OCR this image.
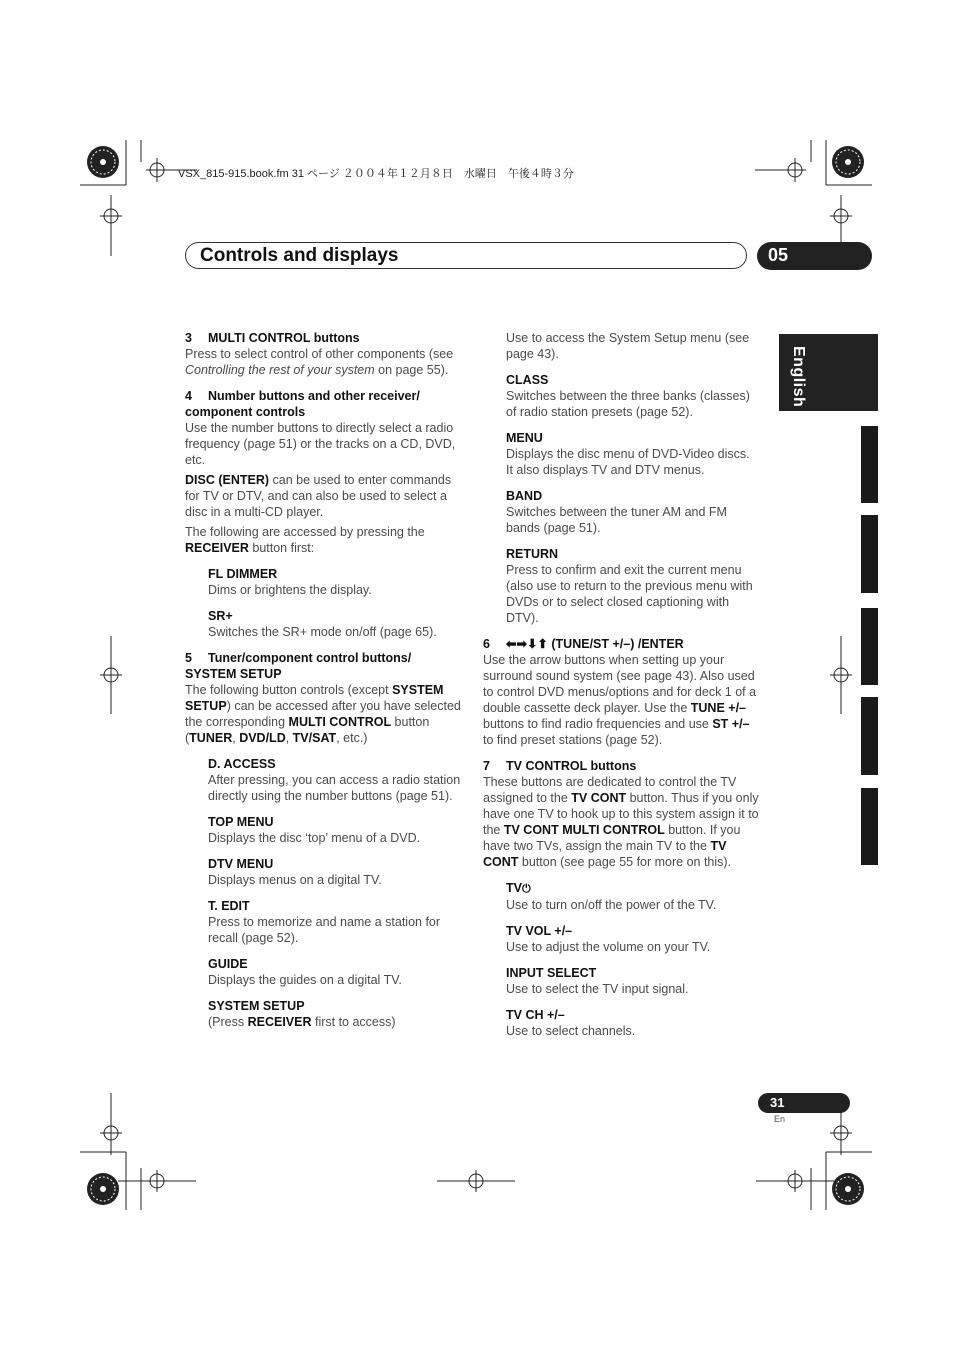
VSX_815-915.book.fm 31 ページ ２００４年１２月８日　水曜日　午後４時３分
Controls and displays	05
English
3 MULTI CONTROL buttons

Press to select control of other components (see Controlling the rest of your system on page 55).

4 Number buttons and other receiver/ component controls

Use the number buttons to directly select a radio frequency (page 51) or the tracks on a CD, DVD, etc.

DISC (ENTER) can be used to enter commands for TV or DTV, and can also be used to select a disc in a multi-CD player.

The following are accessed by pressing the RECEIVER button first:

FL DIMMER

Dims or brightens the display.

SR+

Switches the SR+ mode on/off (page 65).

5 Tuner/component control buttons/ SYSTEM SETUP

The following button controls (except SYSTEM SETUP) can be accessed after you have selected the corresponding MULTI CONTROL button (TUNER, DVD/LD, TV/SAT, etc.)

D. ACCESS

After pressing, you can access a radio station directly using the number buttons (page 51).

TOP MENU

Displays the disc ‘top’ menu of a DVD.

DTV MENU

Displays menus on a digital TV.

T. EDIT

Press to memorize and name a station for recall (page 52).

GUIDE

Displays the guides on a digital TV.

SYSTEM SETUP

(Press RECEIVER first to access)

Use to access the System Setup menu (see page 43).

CLASS

Switches between the three banks (classes) of radio station presets (page 52).

MENU

Displays the disc menu of DVD-Video discs. It also displays TV and DTV menus.

BAND

Switches between the tuner AM and FM bands (page 51).

RETURN

Press to confirm and exit the current menu (also use to return to the previous menu with DVDs or to select closed captioning with DTV).

6 ⬅➡⬇⬆ (TUNE/ST +/–) /ENTER

Use the arrow buttons when setting up your surround sound system (see page 43). Also used to control DVD menus/options and for deck 1 of a double cassette deck player. Use the TUNE +/– buttons to find radio frequencies and use ST +/– to find preset stations (page 52).

7 TV CONTROL buttons

These buttons are dedicated to control the TV assigned to the TV CONT button. Thus if you only have one TV to hook up to this system assign it to the TV CONT MULTI CONTROL button. If you have two TVs, assign the main TV to the TV CONT button (see page 55 for more on this).

TV⏻

Use to turn on/off the power of the TV.

TV VOL +/–

Use to adjust the volume on your TV.

INPUT SELECT

Use to select the TV input signal.

TV CH +/–

Use to select channels.

31
En
